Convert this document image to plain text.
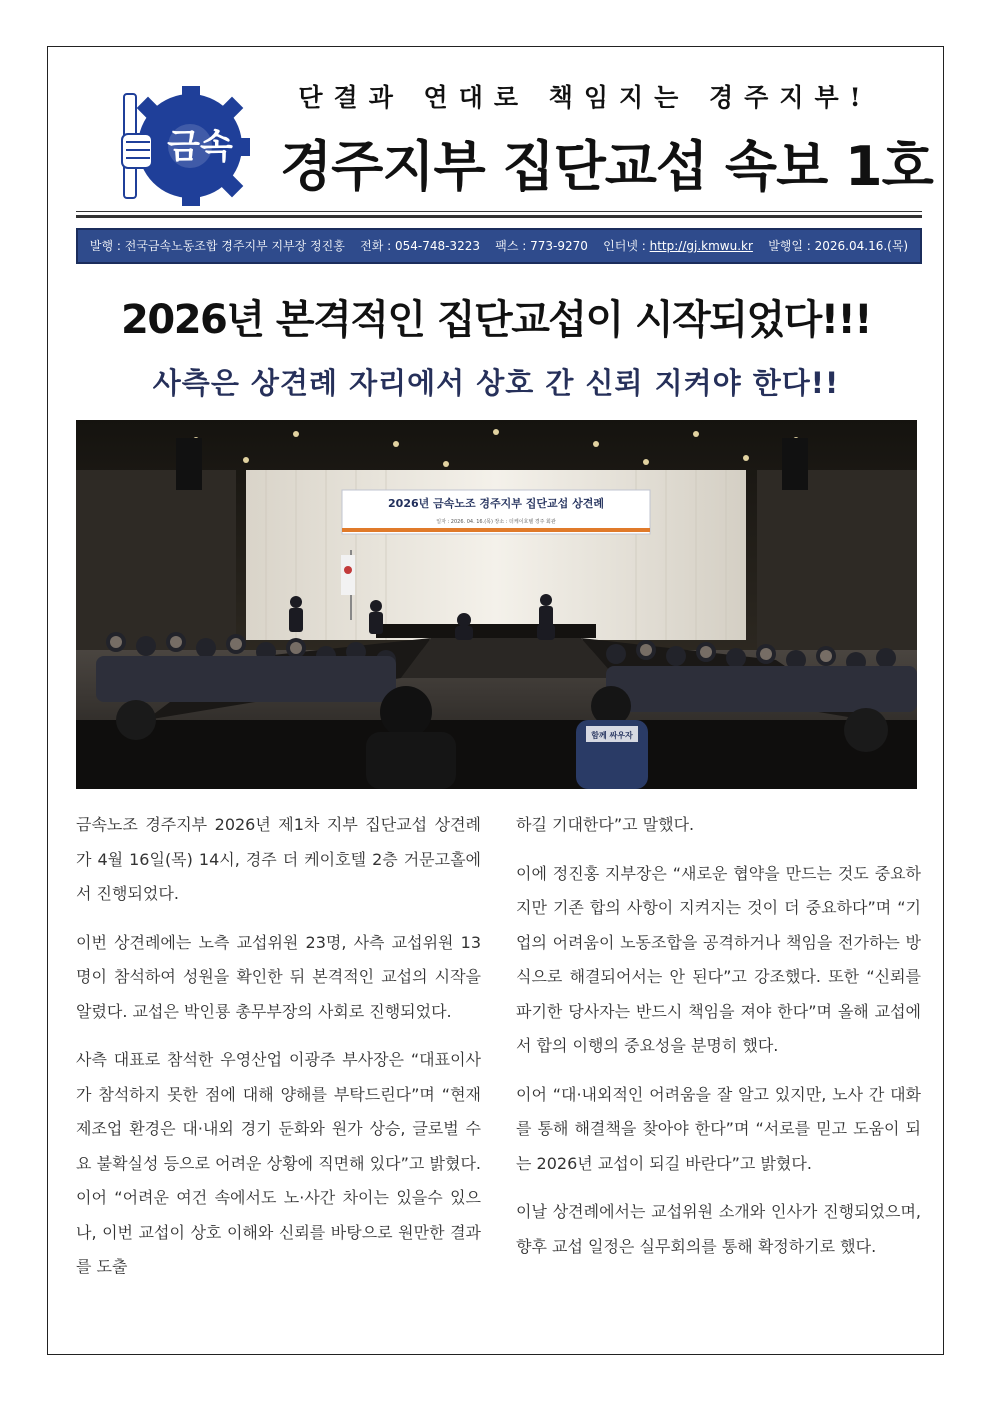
금속
단결과 연대로 책임지는 경주지부!
경주지부 집단교섭 속보 1호
발행 : 전국금속노동조합 경주지부 지부장 정진홍 전화 : 054-748-3223 팩스 : 773-9270 인터넷 : http://gj.kmwu.kr 발행일 : 2026.04.16.(목)
2026년 본격적인 집단교섭이 시작되었다!!!
사측은 상견례 자리에서 상호 간 신뢰 지켜야 한다!!
2026년 금속노조 경주지부 집단교섭 상견례
일자 : 2026. 04. 16.(목) 장소 : 더케이호텔 경주 회관
함께 싸우자

금속노조 경주지부 2026년 제1차 지부 집단교섭 상견례가 4월 16일(목) 14시, 경주 더 케이호텔 2층 거문고홀에서 진행되었다.

이번 상견례에는 노측 교섭위원 23명, 사측 교섭위원 13명이 참석하여 성원을 확인한 뒤 본격적인 교섭의 시작을 알렸다. 교섭은 박인룡 총무부장의 사회로 진행되었다.

사측 대표로 참석한 우영산업 이광주 부사장은 “대표이사가 참석하지 못한 점에 대해 양해를 부탁드린다”며 “현재 제조업 환경은 대·내외 경기 둔화와 원가 상승, 글로벌 수요 불확실성 등으로 어려운 상황에 직면해 있다”고 밝혔다. 이어 “어려운 여건 속에서도 노·사간 차이는 있을수 있으나, 이번 교섭이 상호 이해와 신뢰를 바탕으로 원만한 결과를 도출

하길 기대한다”고 말했다.

이에 정진홍 지부장은 “새로운 협약을 만드는 것도 중요하지만 기존 합의 사항이 지켜지는 것이 더 중요하다”며 “기업의 어려움이 노동조합을 공격하거나 책임을 전가하는 방식으로 해결되어서는 안 된다”고 강조했다. 또한 “신뢰를 파기한 당사자는 반드시 책임을 져야 한다”며 올해 교섭에서 합의 이행의 중요성을 분명히 했다.

이어 “대·내외적인 어려움을 잘 알고 있지만, 노사 간 대화를 통해 해결책을 찾아야 한다”며 “서로를 믿고 도움이 되는 2026년 교섭이 되길 바란다”고 밝혔다.

이날 상견례에서는 교섭위원 소개와 인사가 진행되었으며, 향후 교섭 일정은 실무회의를 통해 확정하기로 했다.
